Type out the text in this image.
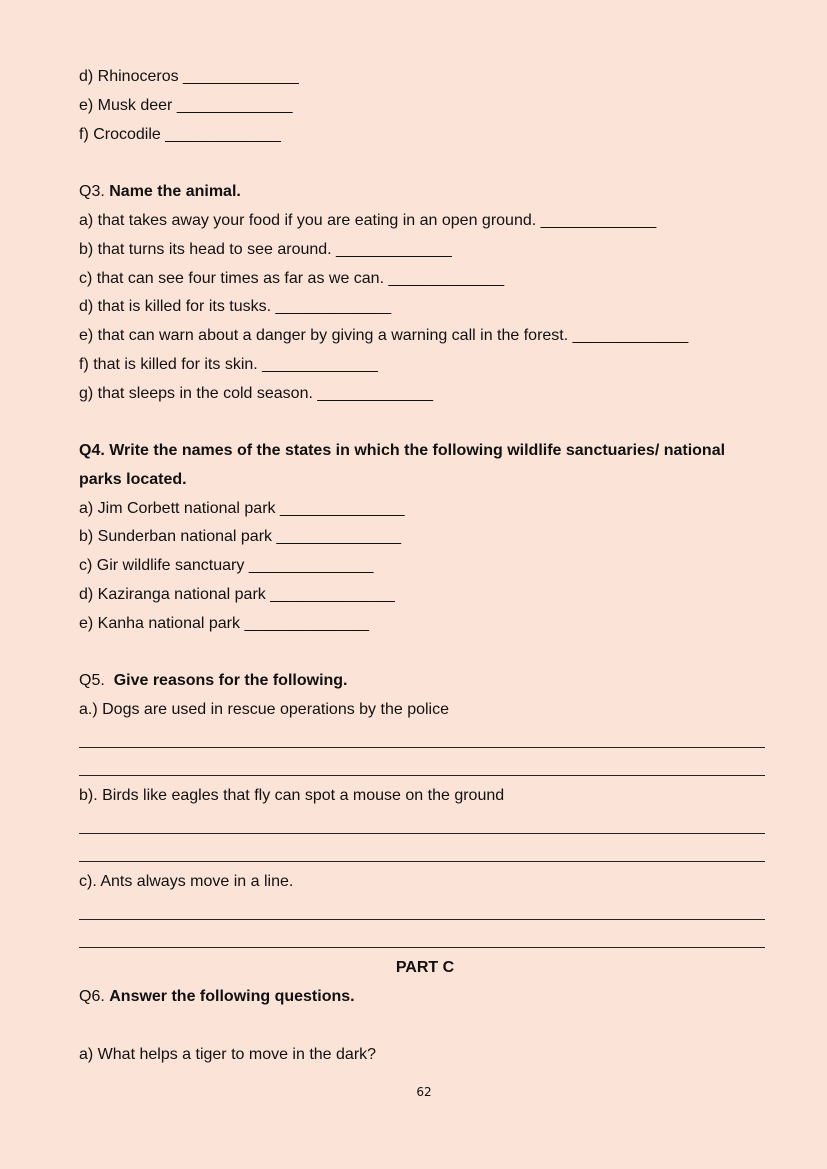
d) Rhinoceros _____________
e) Musk deer _____________
f) Crocodile _____________
Q3. Name the animal.
a) that takes away your food if you are eating in an open ground. _____________
b) that turns its head to see around. _____________
c) that can see four times as far as we can. _____________
d) that is killed for its tusks. _____________
e) that can warn about a danger by giving a warning call in the forest. _____________
f) that is killed for its skin. _____________
g) that sleeps in the cold season. _____________
Q4. Write the names of the states in which the following wildlife sanctuaries/ national
parks located.
a) Jim Corbett national park ______________
b) Sunderban national park ______________
c) Gir wildlife sanctuary ______________
d) Kaziranga national park ______________
e) Kanha national park ______________
Q5.  Give reasons for the following.
a.) Dogs are used in rescue operations by the police
b). Birds like eagles that fly can spot a mouse on the ground
c). Ants always move in a line.
PART C
Q6. Answer the following questions.
a) What helps a tiger to move in the dark?
62
